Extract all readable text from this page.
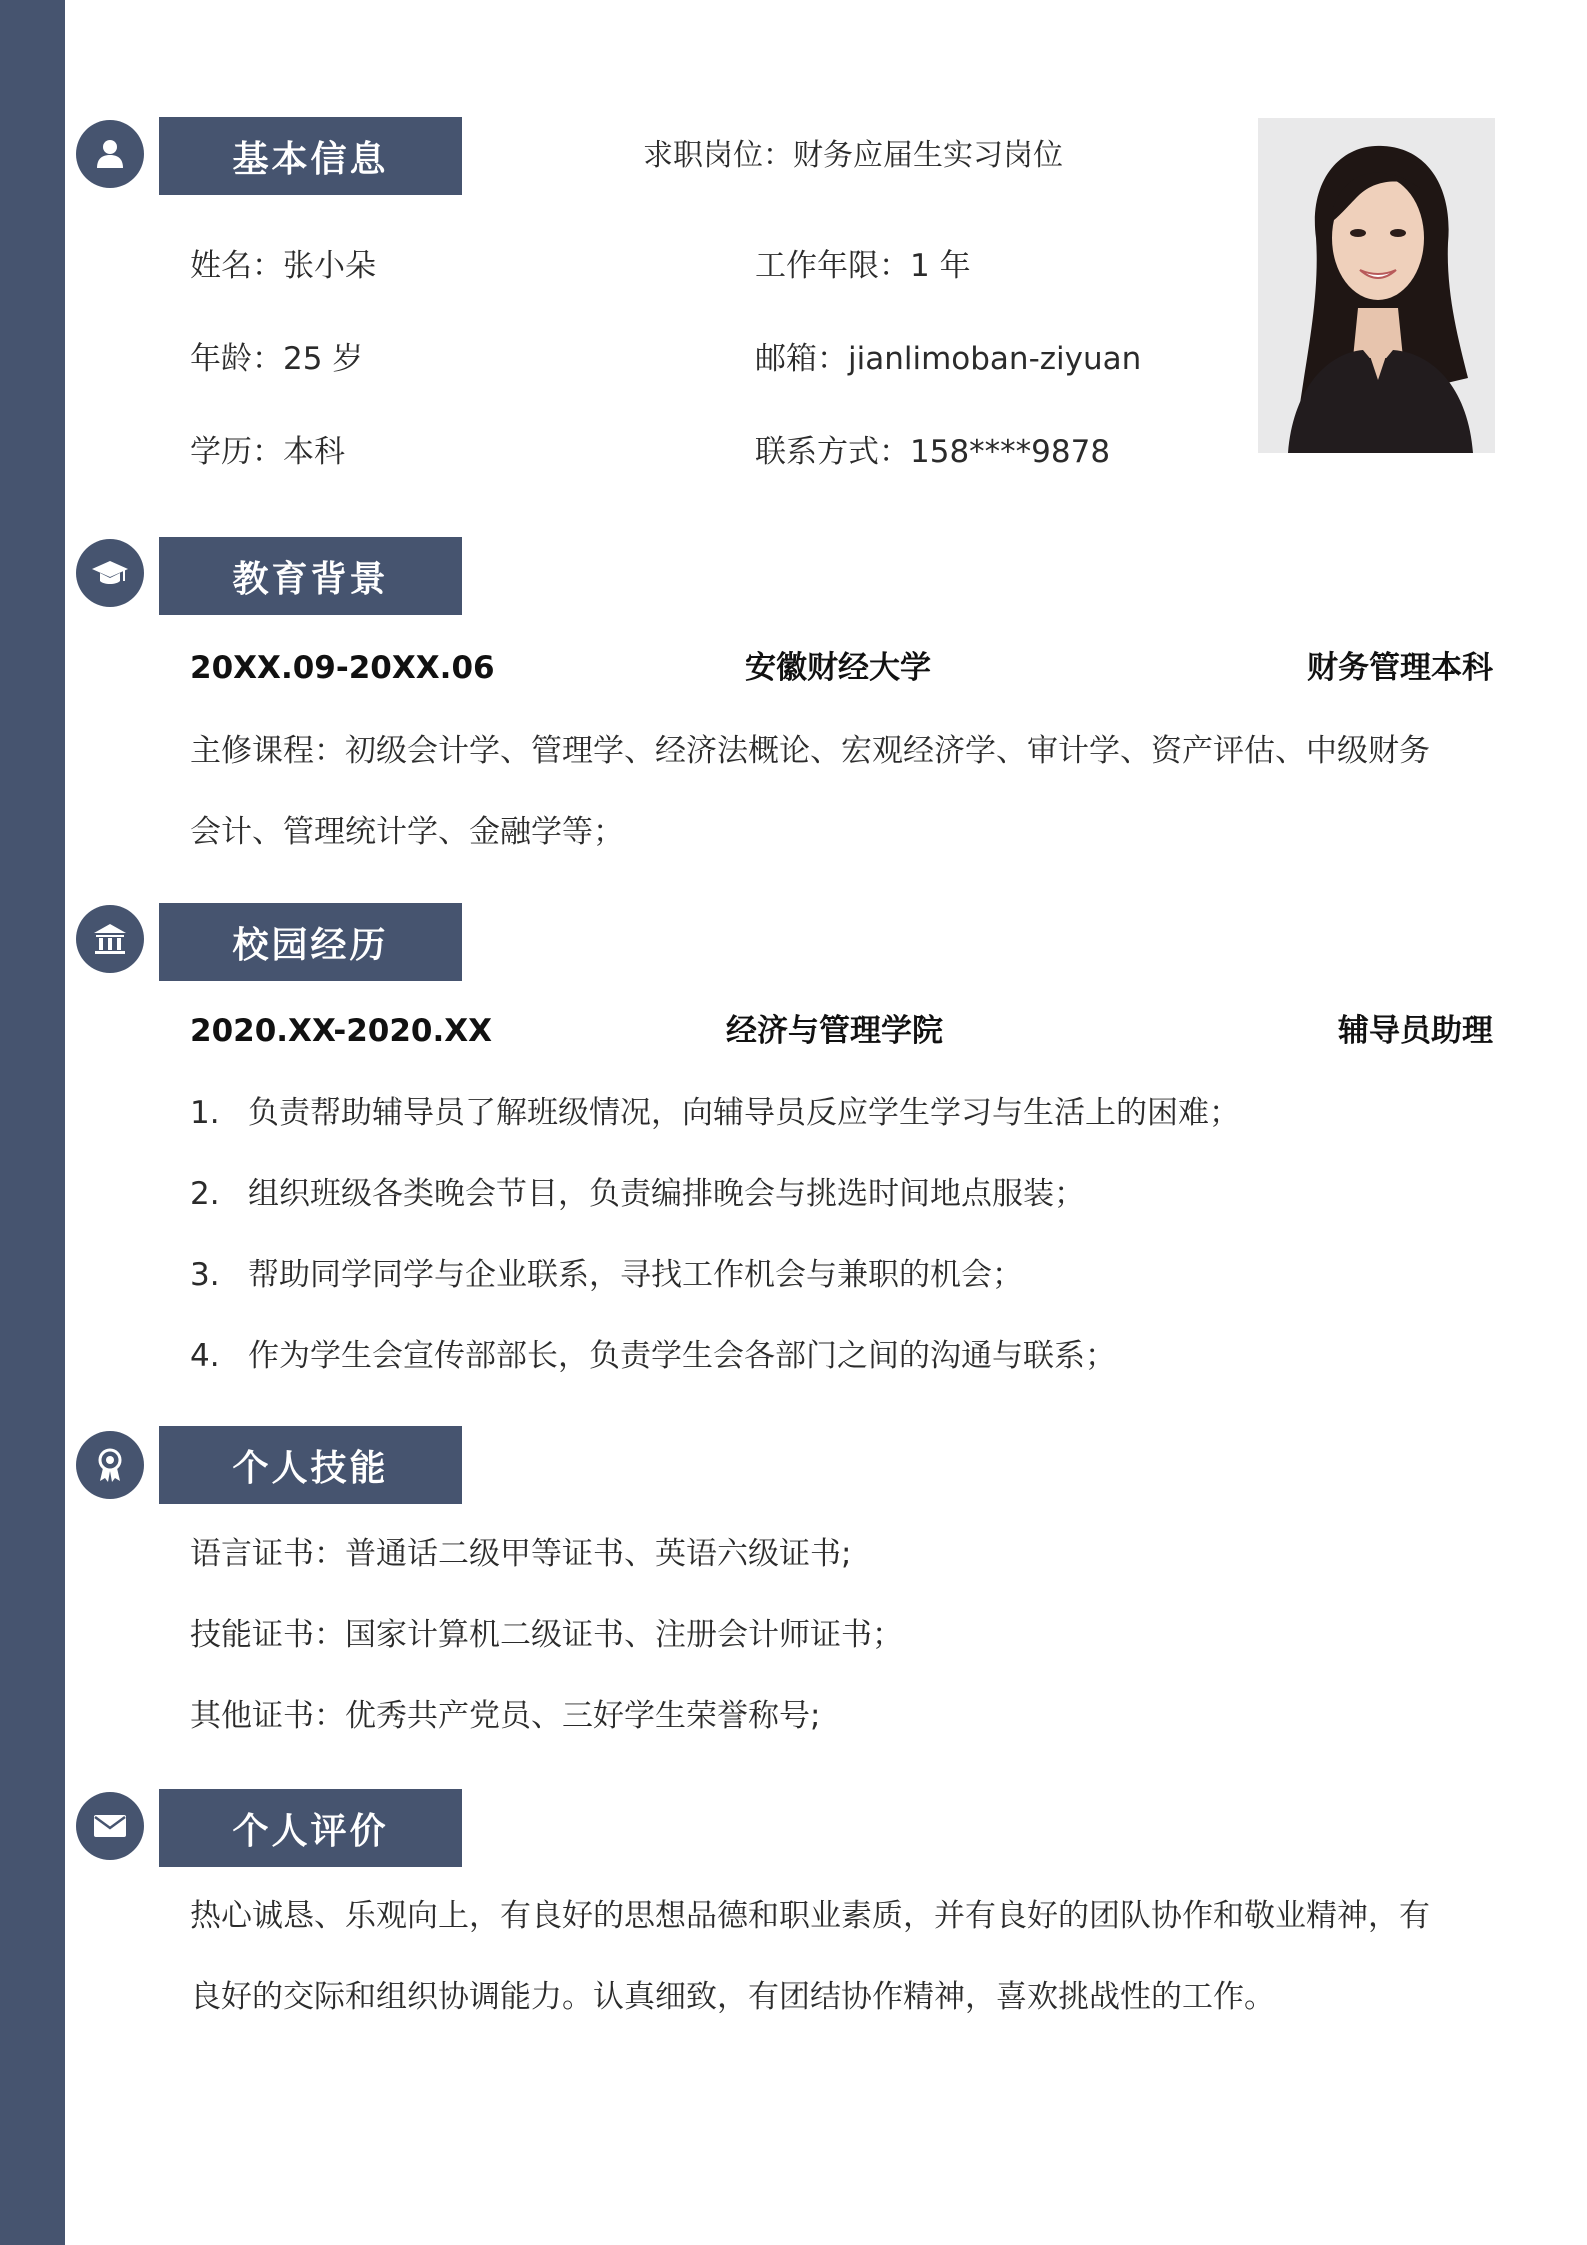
基本信息	求职岗位：财务应届生实习岗位
姓名：张小朵	工作年限：1 年
年龄：25 岁	邮箱：jianlimoban-ziyuan
学历：本科	联系方式：158****9878
教育背景
20XX.09-20XX.06	安徽财经大学	财务管理本科
主修课程：初级会计学、管理学、经济法概论、宏观经济学、审计学、资产评估、中级财务
会计、管理统计学、金融学等；
校园经历
2020.XX-2020.XX	经济与管理学院	辅导员助理
1. 负责帮助辅导员了解班级情况，向辅导员反应学生学习与生活上的困难；
2. 组织班级各类晚会节目，负责编排晚会与挑选时间地点服装；
3. 帮助同学同学与企业联系，寻找工作机会与兼职的机会；
4. 作为学生会宣传部部长，负责学生会各部门之间的沟通与联系；
个人技能
语言证书：普通话二级甲等证书、英语六级证书;
技能证书：国家计算机二级证书、注册会计师证书；
其他证书：优秀共产党员、三好学生荣誉称号;
个人评价
热心诚恳、乐观向上，有良好的思想品德和职业素质，并有良好的团队协作和敬业精神，有
良好的交际和组织协调能力。认真细致，有团结协作精神，喜欢挑战性的工作。
